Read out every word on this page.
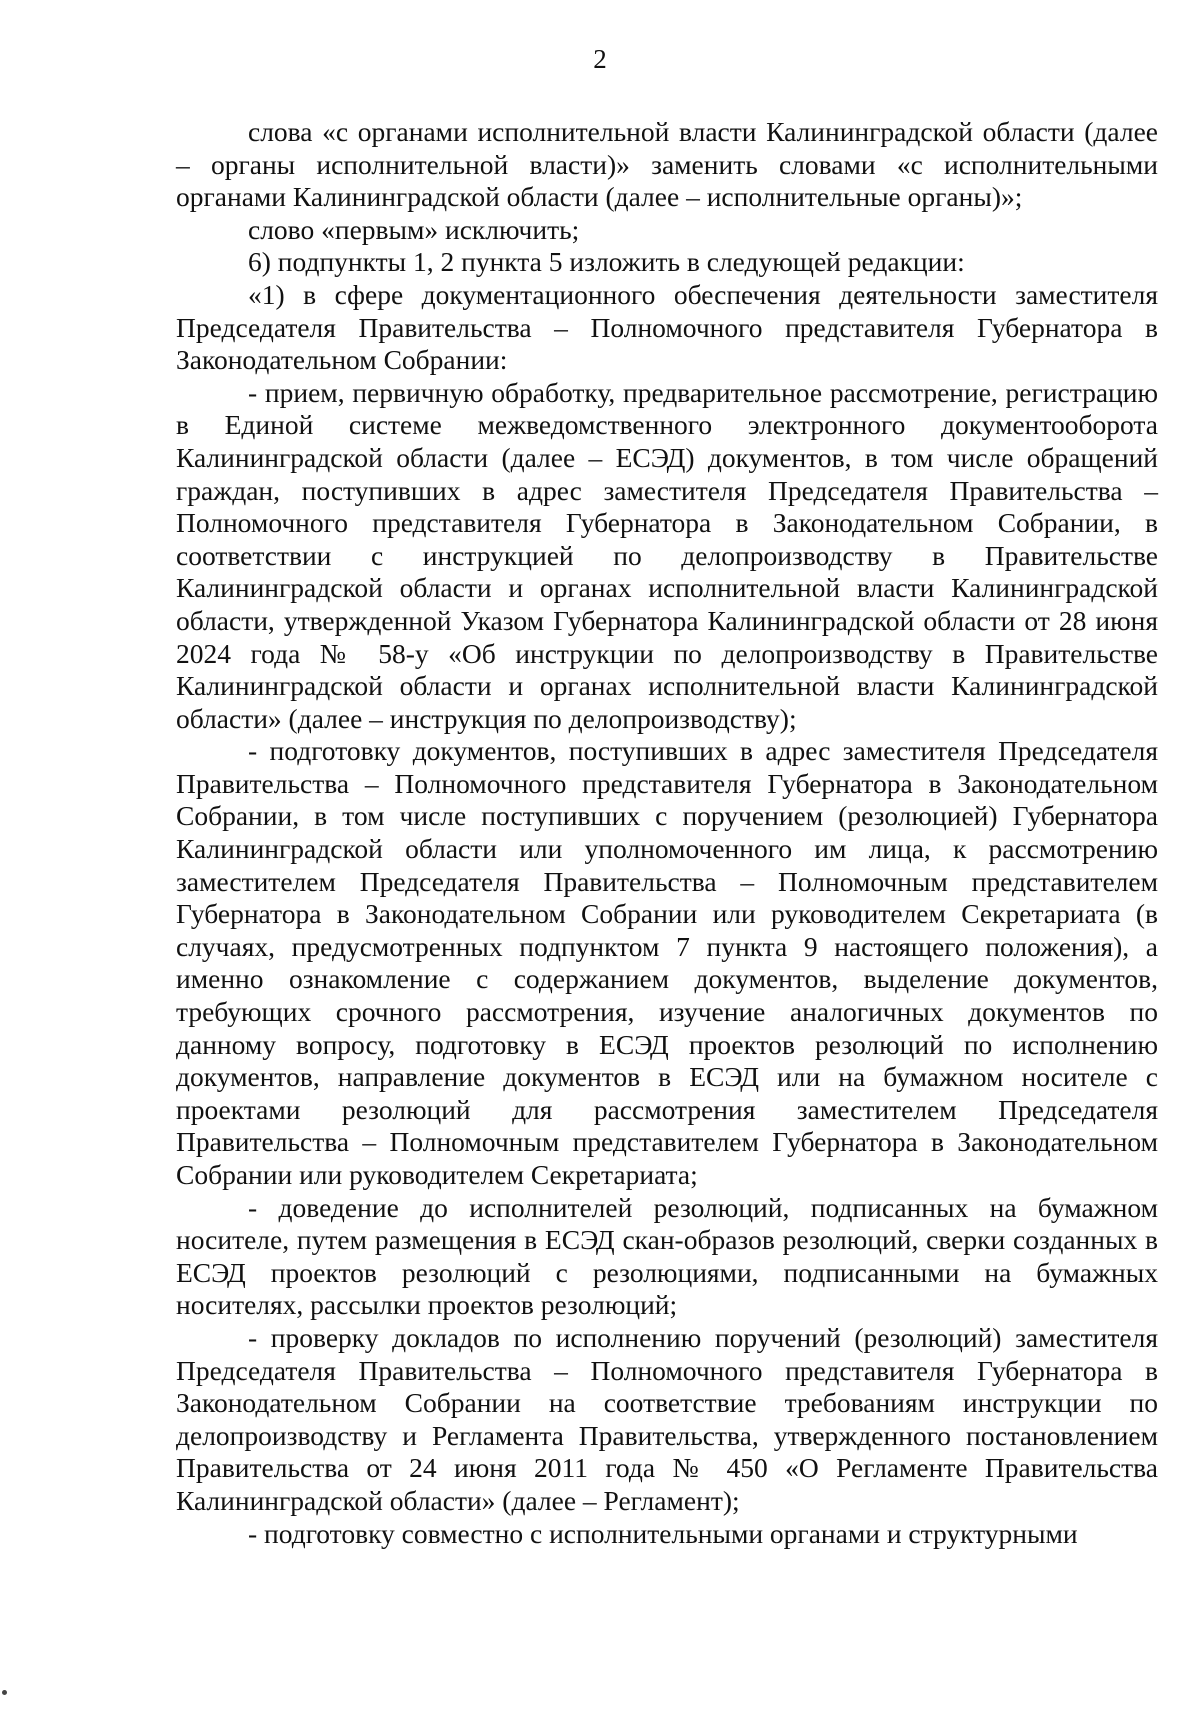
2

слова «с органами исполнительной власти Калининградской области (далее – органы исполнительной власти)» заменить словами «с исполнительными органами Калининградской области (далее – исполнительные органы)»;

слово «первым» исключить;

6) подпункты 1, 2 пункта 5 изложить в следующей редакции:

«1) в сфере документационного обеспечения деятельности заместителя Председателя Правительства – Полномочного представителя Губернатора в Законодательном Собрании:

- прием, первичную обработку, предварительное рассмотрение, регистрацию в Единой системе межведомственного электронного документооборота Калининградской области (далее – ЕСЭД) документов, в том числе обращений граждан, поступивших в адрес заместителя Председателя Правительства – Полномочного представителя Губернатора в Законодательном Собрании, в соответствии с инструкцией по делопроизводству в Правительстве Калининградской области и органах исполнительной власти Калининградской области, утвержденной Указом Губернатора Калининградской области от 28 июня 2024 года № 58-у «Об инструкции по делопроизводству в Правительстве Калининградской области и органах исполнительной власти Калининградской области» (далее – инструкция по делопроизводству);

- подготовку документов, поступивших в адрес заместителя Председателя Правительства – Полномочного представителя Губернатора в Законодательном Собрании, в том числе поступивших с поручением (резолюцией) Губернатора Калининградской области или уполномоченного им лица, к рассмотрению заместителем Председателя Правительства – Полномочным представителем Губернатора в Законодательном Собрании или руководителем Секретариата (в случаях, предусмотренных подпунктом 7 пункта 9 настоящего положения), а именно ознакомление с содержанием документов, выделение документов, требующих срочного рассмотрения, изучение аналогичных документов по данному вопросу, подготовку в ЕСЭД проектов резолюций по исполнению документов, направление документов в ЕСЭД или на бумажном носителе с проектами резолюций для рассмотрения заместителем Председателя Правительства – Полномочным представителем Губернатора в Законодательном Собрании или руководителем Секретариата;

- доведение до исполнителей резолюций, подписанных на бумажном носителе, путем размещения в ЕСЭД скан-образов резолюций, сверки созданных в ЕСЭД проектов резолюций с резолюциями, подписанными на бумажных носителях, рассылки проектов резолюций;

- проверку докладов по исполнению поручений (резолюций) заместителя Председателя Правительства – Полномочного представителя Губернатора в Законодательном Собрании на соответствие требованиям инструкции по делопроизводству и Регламента Правительства, утвержденного постановлением Правительства от 24 июня 2011 года № 450 «О Регламенте Правительства Калининградской области» (далее – Регламент);

- подготовку совместно с исполнительными органами и структурными
